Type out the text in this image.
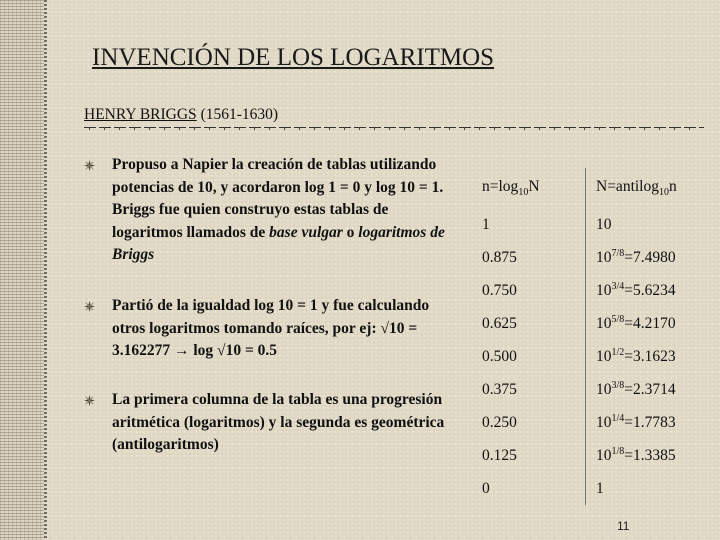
INVENCIÓN DE LOS LOGARITMOS
HENRY BRIGGS (1561-1630)
Propuso a Napier la creación de tablas utilizando potencias de 10, y acordaron log 1 = 0 y log 10 = 1. Briggs fue quien construyo estas tablas de logaritmos llamados de base vulgar o logaritmos de Briggs
Partió de la igualdad log 10 = 1 y fue calculando otros logaritmos tomando raíces, por ej: √10 = 3.162277 → log √10 = 0.5
La primera columna de la tabla es una progresión aritmética (logaritmos) y la segunda es geométrica (antilogaritmos)
$n=\log_{10}N$	N=antilog$_{10}$n
1	10
0.875	$10^{7/8}=7.4980$
0.750	$10^{3/4}=5.6234$
0.625	$10^{5/8}=4.2170$
0.500	$10^{1/2}=3.1623$
0.375	$10^{3/8}=2.3714$
0.250	$10^{1/4}=1.7783$
0.125	$10^{1/8}=1.3385$
0	1
11
